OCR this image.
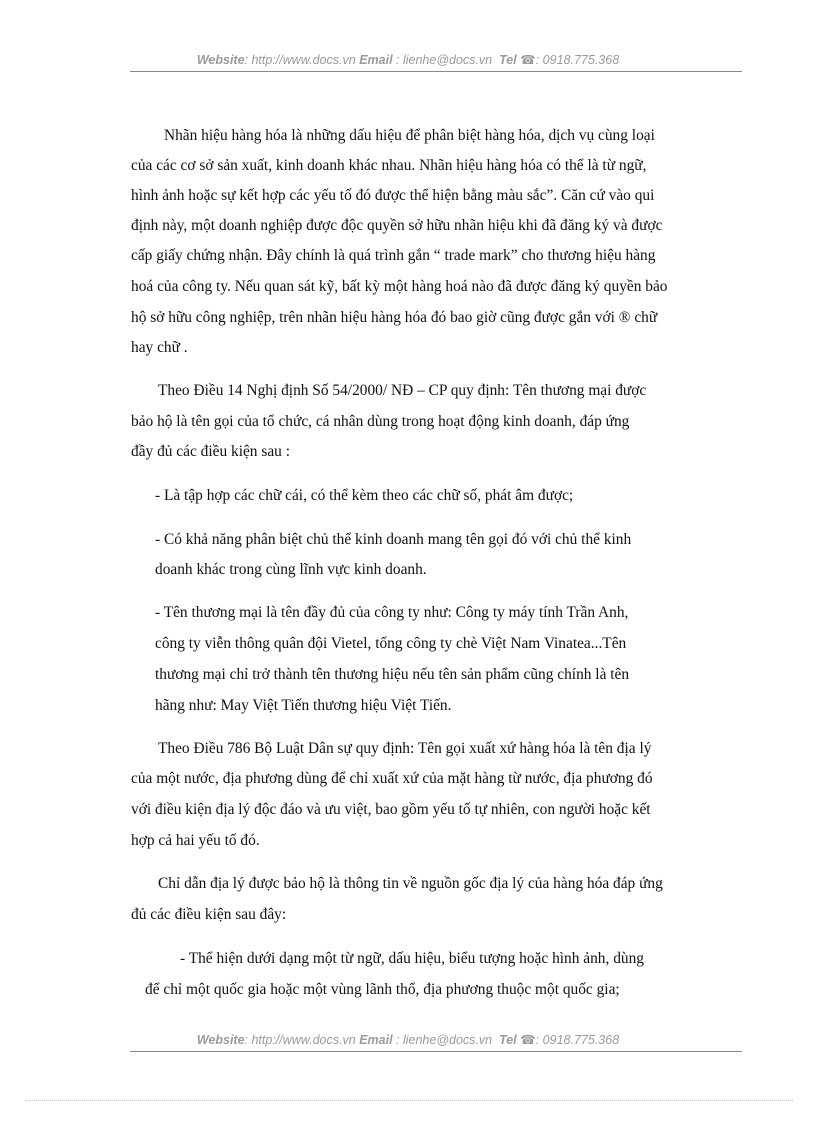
Website: http://www.docs.vn Email : lienhe@docs.vn Tel ☎: 0918.775.368
Nhãn hiệu hàng hóa là những dấu hiệu để phân biệt hàng hóa, dịch vụ cùng loại
của các cơ sở sản xuất, kinh doanh khác nhau. Nhãn hiệu hàng hóa có thể là từ ngữ,
hình ảnh hoặc sự kết hợp các yếu tố đó được thể hiện bằng màu sắc”. Căn cứ vào qui
định này, một doanh nghiệp được độc quyền sở hữu nhãn hiệu khi đã đăng ký và được
cấp giấy chứng nhận. Đây chính là quá trình gắn “ trade mark” cho thương hiệu hàng
hoá của công ty. Nếu quan sát kỹ, bất kỳ một hàng hoá nào đã được đăng ký quyền bảo
hộ sở hữu công nghiệp, trên nhãn hiệu hàng hóa đó bao giờ cũng được gắn với ® chữ
hay chữ .
Theo Điều 14 Nghị định Số 54/2000/ NĐ – CP quy định: Tên thương mại được
bảo hộ là tên gọi của tổ chức, cá nhân dùng trong hoạt động kinh doanh, đáp ứng
đầy đủ các điều kiện sau :
- Là tập hợp các chữ cái, có thể kèm theo các chữ số, phát âm được;
- Có khả năng phân biệt chủ thể kinh doanh mang tên gọi đó với chủ thể kinh
doanh khác trong cùng lĩnh vực kinh doanh.
- Tên thương mại là tên đầy đủ của công ty như: Công ty máy tính Trần Anh,
công ty viễn thông quân đội Vietel, tổng công ty chè Việt Nam Vinatea...Tên
thương mại chỉ trở thành tên thương hiệu nếu tên sản phẩm cũng chính là tên
hãng như: May Việt Tiến thương hiệu Việt Tiến.
Theo Điều 786 Bộ Luật Dân sự quy định: Tên gọi xuất xứ hàng hóa là tên địa lý
của một nước, địa phương dùng để chỉ xuất xứ của mặt hàng từ nước, địa phương đó
với điều kiện địa lý độc đáo và ưu việt, bao gồm yếu tố tự nhiên, con người hoặc kết
hợp cả hai yếu tố đó.
Chỉ dẫn địa lý được bảo hộ là thông tin về nguồn gốc địa lý của hàng hóa đáp ứng
đủ các điều kiện sau đây:
- Thể hiện dưới dạng một từ ngữ, dấu hiệu, biểu tượng hoặc hình ảnh, dùng
để chỉ một quốc gia hoặc một vùng lãnh thổ, địa phương thuộc một quốc gia;
Website: http://www.docs.vn Email : lienhe@docs.vn Tel ☎: 0918.775.368
